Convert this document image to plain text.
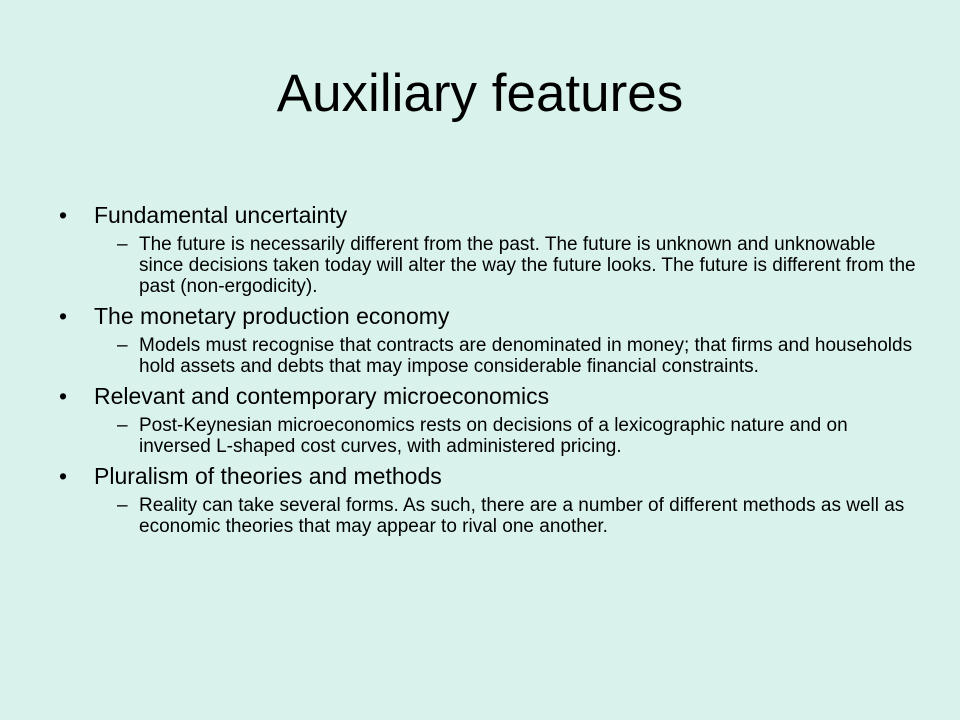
Auxiliary features
• Fundamental uncertainty
– The future is necessarily different from the past. The future is unknown and unknowable since decisions taken today will alter the way the future looks. The future is different from the past (non-ergodicity).
• The monetary production economy
– Models must recognise that contracts are denominated in money; that firms and households hold assets and debts that may impose considerable financial constraints.
• Relevant and contemporary microeconomics
– Post-Keynesian microeconomics rests on decisions of a lexicographic nature and on inversed L-shaped cost curves, with administered pricing.
• Pluralism of theories and methods
– Reality can take several forms. As such, there are a number of different methods as well as economic theories that may appear to rival one another.
